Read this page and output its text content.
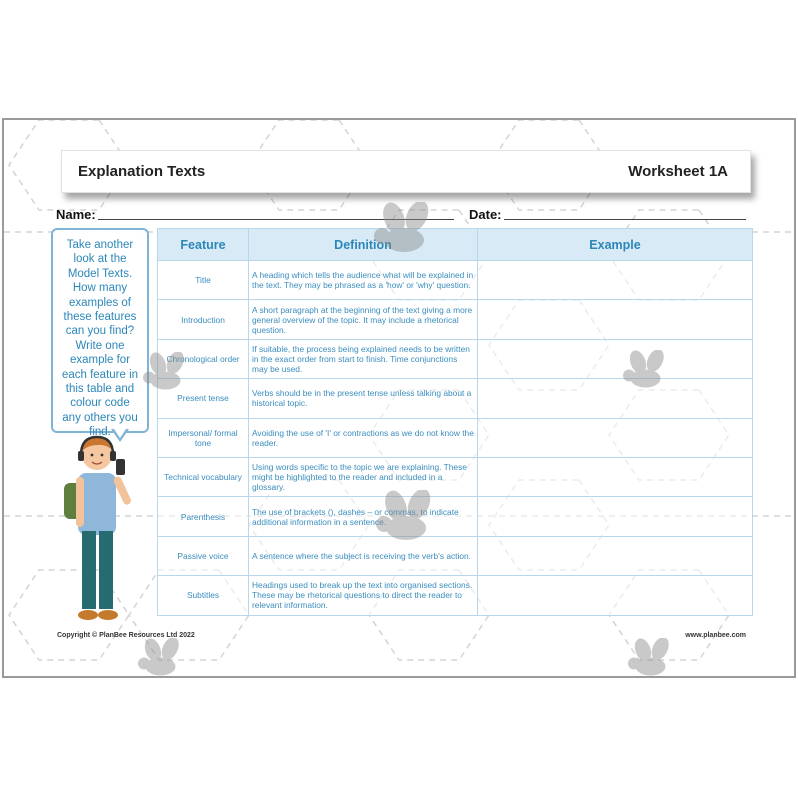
Explanation Texts	Worksheet 1A
Name:	Date:
Take another
look at the
Model Texts.
How many
examples of
these features
can you find?
Write one
example for
each feature in
this table and
colour code
any others you
find.
Feature	Definition	Example
Title	A heading which tells the audience what will be explained in the text. They may be phrased as a 'how' or 'why' question.	
Introduction	A short paragraph at the beginning of the text giving a more general overview of the topic. It may include a rhetorical question.	
Chronological order	If suitable, the process being explained needs to be written in the exact order from start to finish. Time conjunctions may be used.	
Present tense	Verbs should be in the present tense unless talking about a historical topic.	
Impersonal/ formal tone	Avoiding the use of 'I' or contractions as we do not know the reader.	
Technical vocabulary	Using words specific to the topic we are explaining. These might be highlighted to the reader and included in a glossary.	
Parenthesis	The use of brackets (), dashes – or commas, to indicate additional information in a sentence.	
Passive voice	A sentence where the subject is receiving the verb's action.	
Subtitles	Headings used to break up the text into organised sections. These may be rhetorical questions to direct the reader to relevant information.	
Copyright © PlanBee Resources Ltd 2022	www.planbee.com
